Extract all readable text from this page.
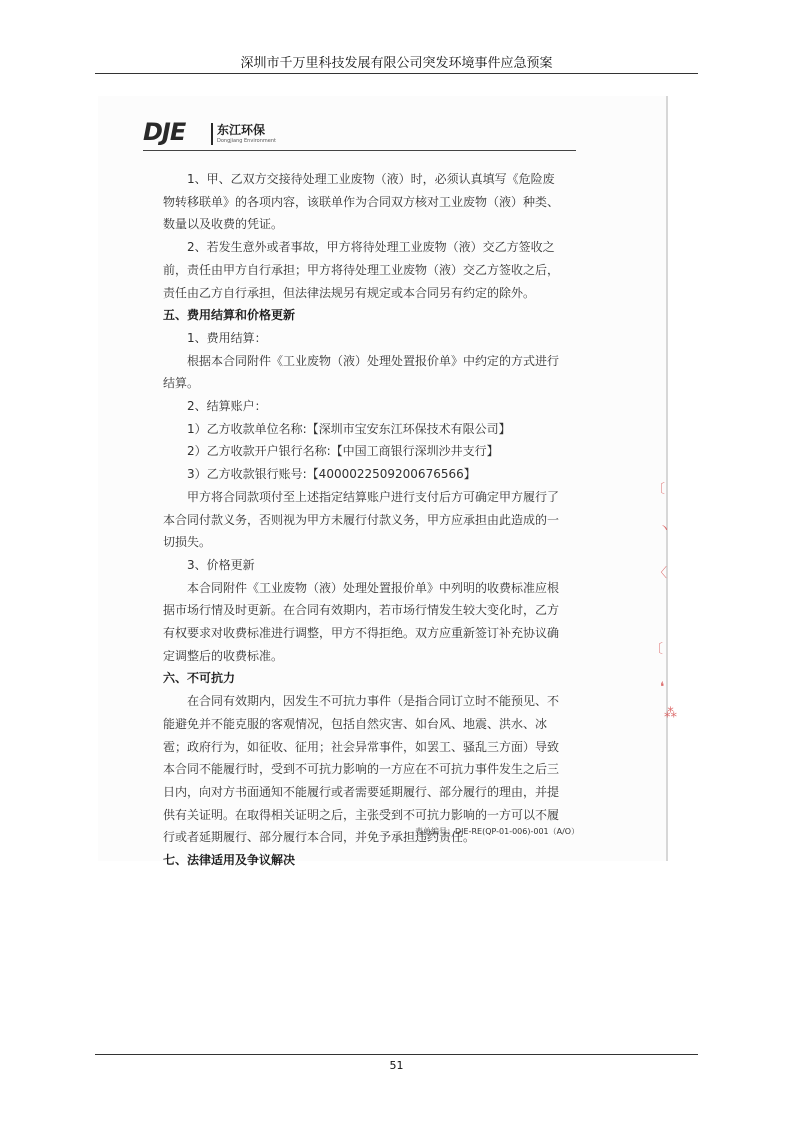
深圳市千万里科技发展有限公司突发环境事件应急预案
DJE	东江环保
Dongjiang Environment

1、甲、乙双方交接待处理工业废物（液）时，必须认真填写《危险废物转移联单》的各项内容，该联单作为合同双方核对工业废物（液）种类、数量以及收费的凭证。

2、若发生意外或者事故，甲方将待处理工业废物（液）交乙方签收之前，责任由甲方自行承担；甲方将待处理工业废物（液）交乙方签收之后，责任由乙方自行承担，但法律法规另有规定或本合同另有约定的除外。

五、费用结算和价格更新

1、费用结算：

根据本合同附件《工业废物（液）处理处置报价单》中约定的方式进行结算。

2、结算账户：

1）乙方收款单位名称:【深圳市宝安东江环保技术有限公司】

2）乙方收款开户银行名称:【中国工商银行深圳沙井支行】

3）乙方收款银行账号:【4000022509200676566】

甲方将合同款项付至上述指定结算账户进行支付后方可确定甲方履行了本合同付款义务，否则视为甲方未履行付款义务，甲方应承担由此造成的一切损失。

3、价格更新

本合同附件《工业废物（液）处理处置报价单》中列明的收费标准应根据市场行情及时更新。在合同有效期内，若市场行情发生较大变化时，乙方有权要求对收费标准进行调整，甲方不得拒绝。双方应重新签订补充协议确定调整后的收费标准。

六、不可抗力

在合同有效期内，因发生不可抗力事件（是指合同订立时不能预见、不能避免并不能克服的客观情况，包括自然灾害、如台风、地震、洪水、冰雹；政府行为，如征收、征用；社会异常事件，如罢工、骚乱三方面）导致本合同不能履行时，受到不可抗力影响的一方应在不可抗力事件发生之后三日内，向对方书面通知不能履行或者需要延期履行、部分履行的理由，并提供有关证明。在取得相关证明之后，主张受到不可抗力影响的一方可以不履行或者延期履行、部分履行本合同，并免予承担违约责任。

七、法律适用及争议解决

表单编号：DJE-RE(QP-01-006)-001（A/O）
〔
丶
〈
〔
❛
⁂
51
